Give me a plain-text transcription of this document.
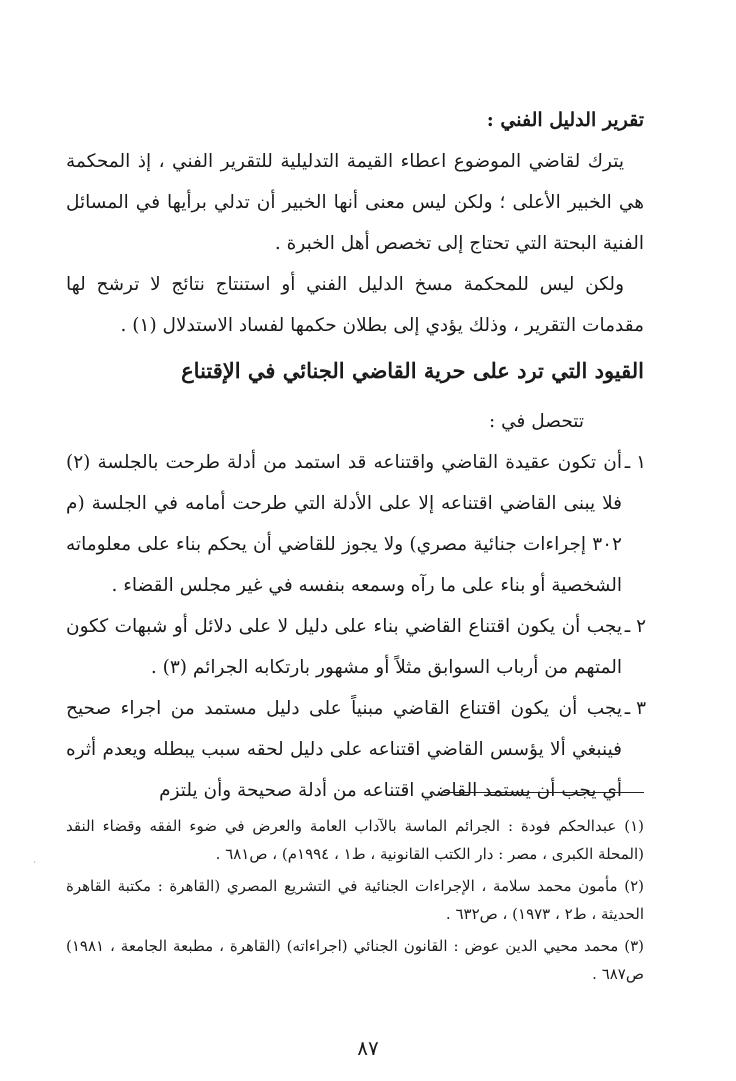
تقرير الدليل الفني :

يترك لقاضي الموضوع اعطاء القيمة التدليلية للتقرير الفني ، إذ المحكمة هي الخبير الأعلى ؛ ولكن ليس معنى أنها الخبير أن تدلي برأيها في المسائل الفنية البحتة التي تحتاج إلى تخصص أهل الخبرة .

ولكن ليس للمحكمة مسخ الدليل الفني أو استنتاج نتائج لا ترشح لها مقدمات التقرير ، وذلك يؤدي إلى بطلان حكمها لفساد الاستدلال (١) .

القيود التي ترد على حرية القاضي الجنائي في الإقتناع

تتحصل في :

١ ـ
أن تكون عقيدة القاضي واقتناعه قد استمد من أدلة طرحت بالجلسة (٢) فلا يبنى القاضي اقتناعه إلا على الأدلة التي طرحت أمامه في الجلسة (م ٣٠٢ إجراءات جنائية مصري) ولا يجوز للقاضي أن يحكم بناء على معلوماته الشخصية أو بناء على ما رآه وسمعه بنفسه في غير مجلس القضاء .

٢ ـ
يجب أن يكون اقتناع القاضي بناء على دليل لا على دلائل أو شبهات ككون المتهم من أرباب السوابق مثلاً أو مشهور بارتكابه الجرائم (٣) .

٣ ـ
يجب أن يكون اقتناع القاضي مبنياً على دليل مستمد من اجراء صحيح فينبغي ألا يؤسس القاضي اقتناعه على دليل لحقه سبب يبطله ويعدم أثره أي يجب أن يستمد القاضي اقتناعه من أدلة صحيحة وأن يلتزم

(١) عبدالحكم فودة : الجرائم الماسة بالآداب العامة والعرض في ضوء الفقه وقضاء النقد (المحلة الكبرى ، مصر : دار الكتب القانونية ، ط١ ، ١٩٩٤م) ، ص٦٨١ .

(٢) مأمون محمد سلامة ، الإجراءات الجنائية في التشريع المصري (القاهرة : مكتبة القاهرة الحديثة ، ط٢ ، ١٩٧٣) ، ص٦٣٢ .

(٣) محمد محيي الدين عوض : القانون الجنائي (اجراءاته) (القاهرة ، مطبعة الجامعة ، ١٩٨١) ص٦٨٧ .

٨٧
·
